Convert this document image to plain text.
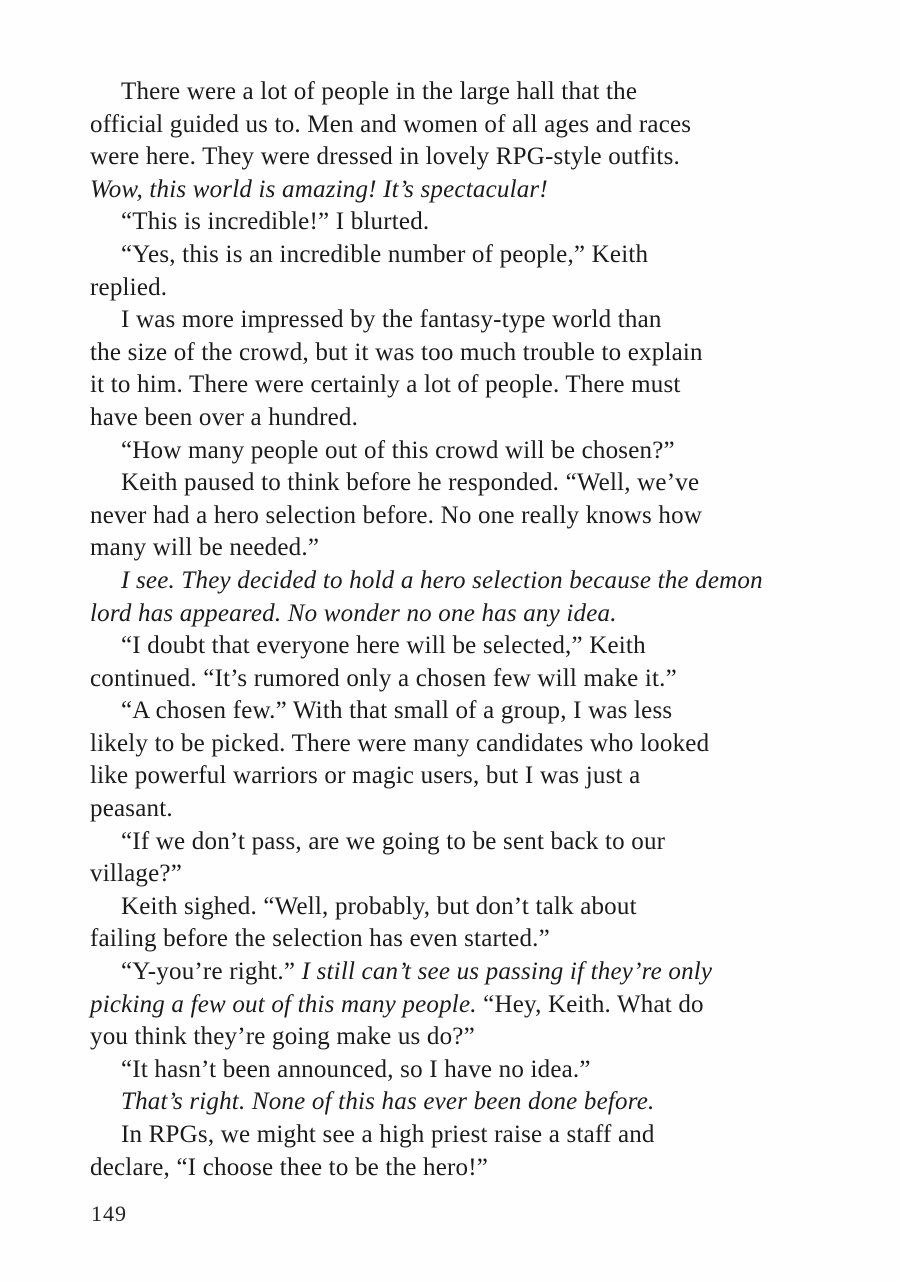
There were a lot of people in the large hall that the
official guided us to. Men and women of all ages and races
were here. They were dressed in lovely RPG-style outfits.
Wow, this world is amazing! It’s spectacular!
“This is incredible!” I blurted.
“Yes, this is an incredible number of people,” Keith
replied.
I was more impressed by the fantasy-type world than
the size of the crowd, but it was too much trouble to explain
it to him. There were certainly a lot of people. There must
have been over a hundred.
“How many people out of this crowd will be chosen?”
Keith paused to think before he responded. “Well, we’ve
never had a hero selection before. No one really knows how
many will be needed.”
I see. They decided to hold a hero selection because the demon
lord has appeared. No wonder no one has any idea.
“I doubt that everyone here will be selected,” Keith
continued. “It’s rumored only a chosen few will make it.”
“A chosen few.” With that small of a group, I was less
likely to be picked. There were many candidates who looked
like powerful warriors or magic users, but I was just a
peasant.
“If we don’t pass, are we going to be sent back to our
village?”
Keith sighed. “Well, probably, but don’t talk about
failing before the selection has even started.”
“Y-you’re right.” I still can’t see us passing if they’re only
picking a few out of this many people. “Hey, Keith. What do
you think they’re going make us do?”
“It hasn’t been announced, so I have no idea.”
That’s right. None of this has ever been done before.
In RPGs, we might see a high priest raise a staff and
declare, “I choose thee to be the hero!”
149
